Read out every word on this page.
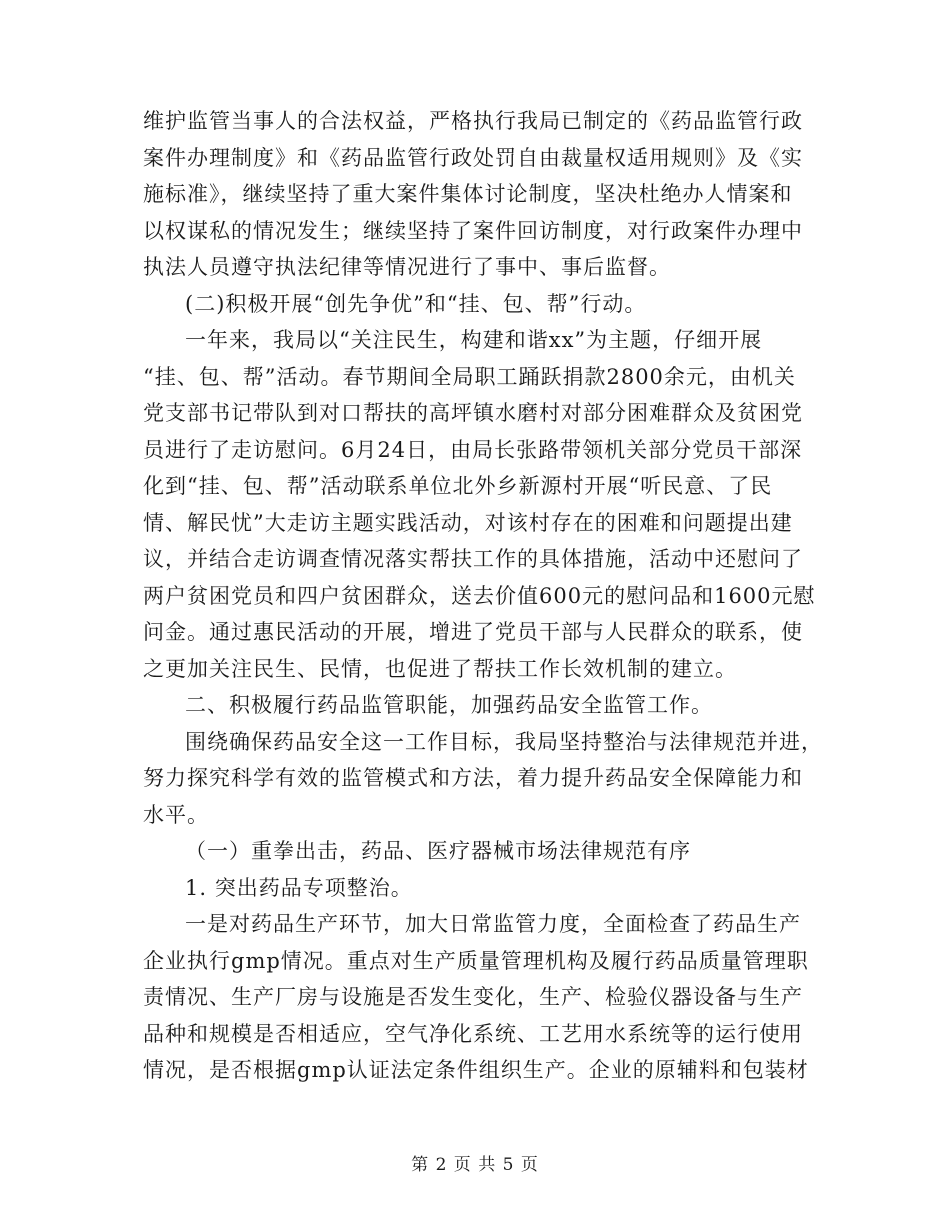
维护监管当事人的合法权益，严格执行我局已制定的《药品监管行政
案件办理制度》和《药品监管行政处罚自由裁量权适用规则》及《实
施标准》，继续坚持了重大案件集体讨论制度，坚决杜绝办人情案和
以权谋私的情况发生；继续坚持了案件回访制度，对行政案件办理中
执法人员遵守执法纪律等情况进行了事中、事后监督。
(二)积极开展“创先争优”和“挂、包、帮”行动。
一年来，我局以“关注民生，构建和谐xx”为主题，仔细开展
“挂、包、帮”活动。春节期间全局职工踊跃捐款2800余元，由机关
党支部书记带队到对口帮扶的高坪镇水磨村对部分困难群众及贫困党
员进行了走访慰问。6月24日，由局长张路带领机关部分党员干部深
化到“挂、包、帮”活动联系单位北外乡新源村开展“听民意、了民
情、解民忧”大走访主题实践活动，对该村存在的困难和问题提出建
议，并结合走访调查情况落实帮扶工作的具体措施，活动中还慰问了
两户贫困党员和四户贫困群众，送去价值600元的慰问品和1600元慰
问金。通过惠民活动的开展，增进了党员干部与人民群众的联系，使
之更加关注民生、民情，也促进了帮扶工作长效机制的建立。
二、积极履行药品监管职能，加强药品安全监管工作。
围绕确保药品安全这一工作目标，我局坚持整治与法律规范并进，
努力探究科学有效的监管模式和方法，着力提升药品安全保障能力和
水平。
（一）重拳出击，药品、医疗器械市场法律规范有序
1. 突出药品专项整治。
一是对药品生产环节，加大日常监管力度，全面检查了药品生产
企业执行gmp情况。重点对生产质量管理机构及履行药品质量管理职
责情况、生产厂房与设施是否发生变化，生产、检验仪器设备与生产
品种和规模是否相适应，空气净化系统、工艺用水系统等的运行使用
情况，是否根据gmp认证法定条件组织生产。企业的原辅料和包装材
第 2 页 共 5 页
